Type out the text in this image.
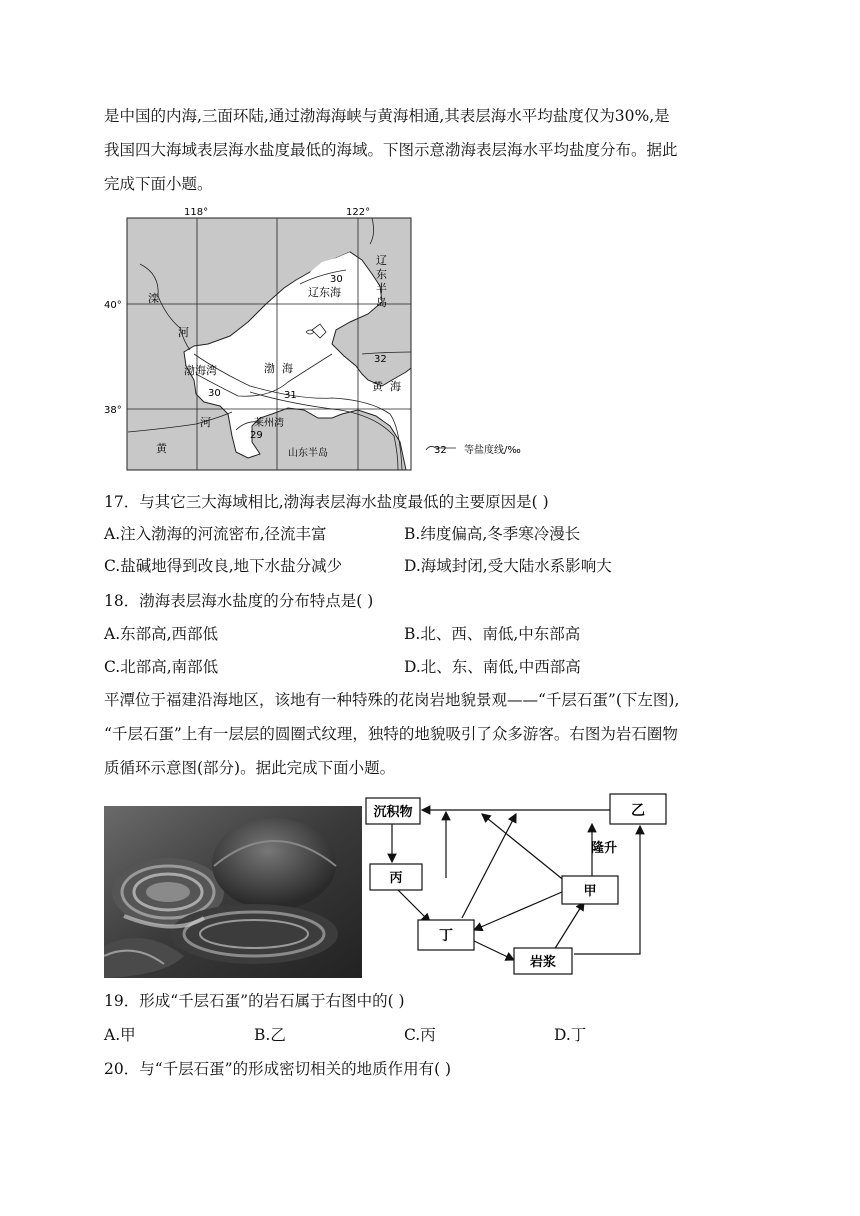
是中国的内海,三面环陆,通过渤海海峡与黄海相通,其表层海水平均盐度仅为30%,是
我国四大海域表层海水盐度最低的海域。下图示意渤海表层海水平均盐度分布。据此
完成下面小题。
118°	122°
40°
38°
滦
河
渤海湾	渤 海
辽东海
辽
东
半
岛
黄 海
黄
河	莱州湾
山东半岛
30
30	31
32
29
32 等盐度线/‰
17．与其它三大海域相比,渤海表层海水盐度最低的主要原因是( )
A.注入渤海的河流密布,径流丰富	B.纬度偏高,冬季寒冷漫长
C.盐碱地得到改良,地下水盐分减少	D.海域封闭,受大陆水系影响大
18．渤海表层海水盐度的分布特点是( )
A.东部高,西部低	B.北、西、南低,中东部高
C.北部高,南部低	D.北、东、南低,中西部高
平潭位于福建沿海地区，该地有一种特殊的花岗岩地貌景观——“千层石蛋”(下左图),
“千层石蛋”上有一层层的圆圈式纹理，独特的地貌吸引了众多游客。右图为岩石圈物
质循环示意图(部分)。据此完成下面小题。
沉积物	乙
丙
甲
丁
岩浆
隆升
19．形成“千层石蛋”的岩石属于右图中的( )
A.甲	B.乙	C.丙	D.丁
20．与“千层石蛋”的形成密切相关的地质作用有( )
